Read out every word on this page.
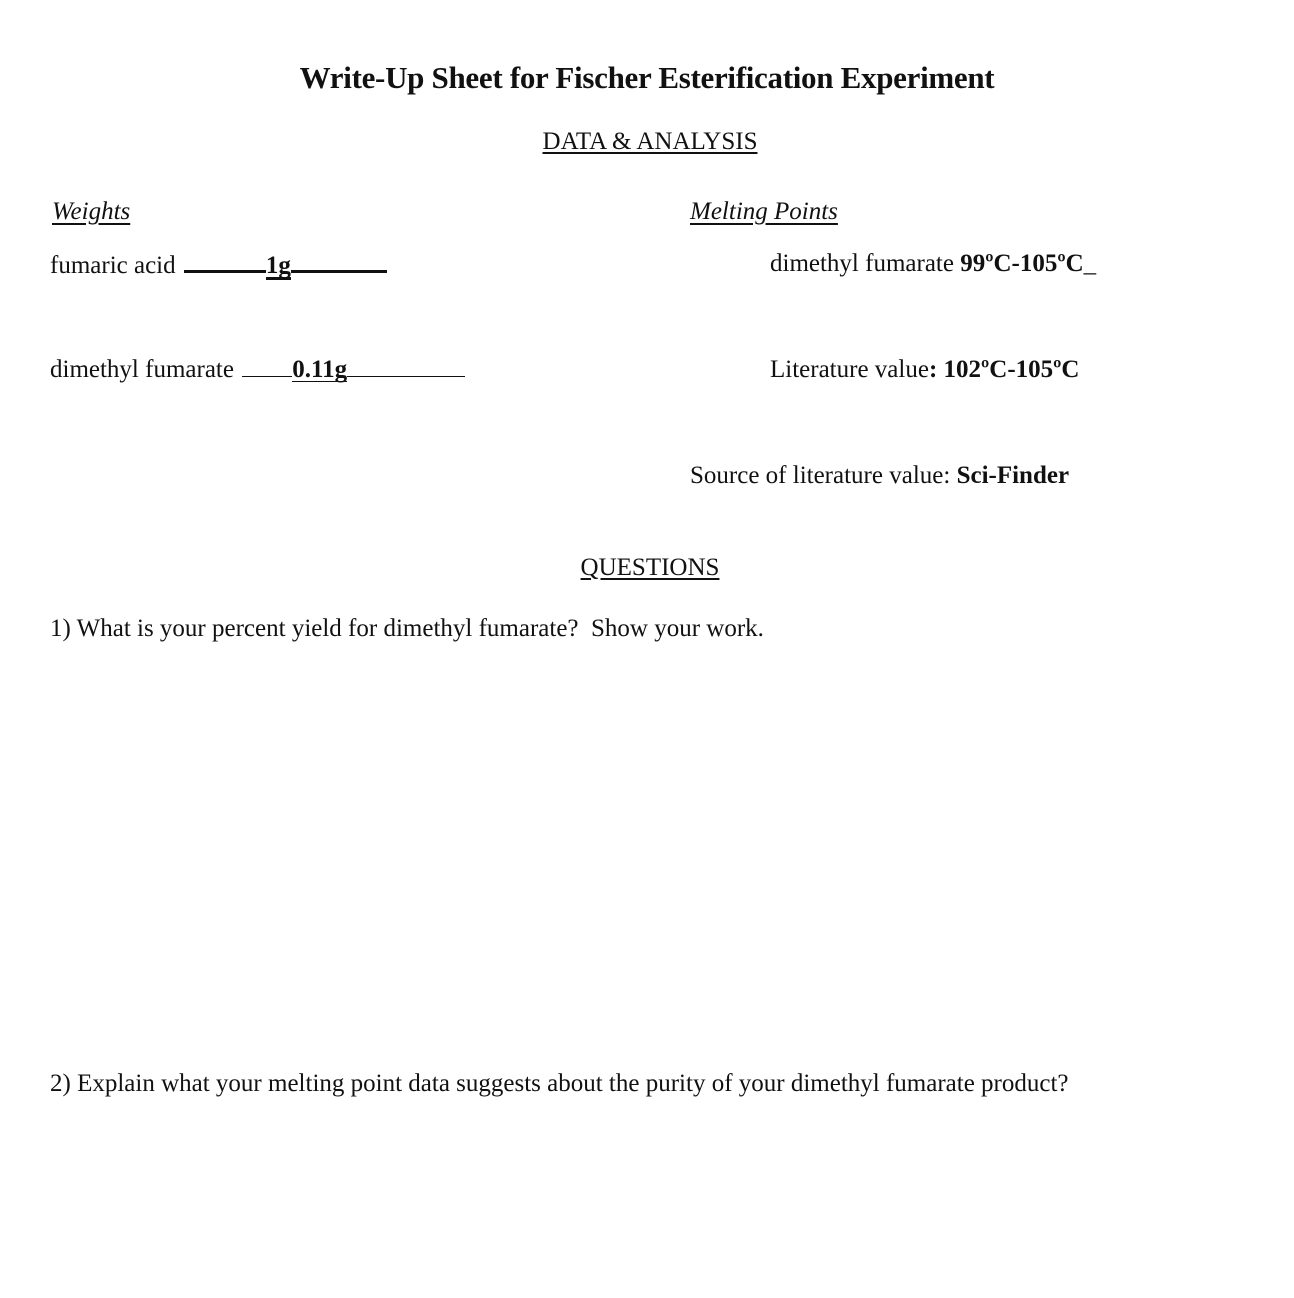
Write-Up Sheet for Fischer Esterification Experiment
DATA & ANALYSIS
Weights
fumaric acid	1g
dimethyl fumarate 0.11g
Melting Points
dimethyl fumarate 99ºC-105ºC_
Literature value: 102ºC-105ºC
Source of literature value: Sci-Finder
QUESTIONS
1) What is your percent yield for dimethyl fumarate?  Show your work.
2) Explain what your melting point data suggests about the purity of your dimethyl fumarate product?
